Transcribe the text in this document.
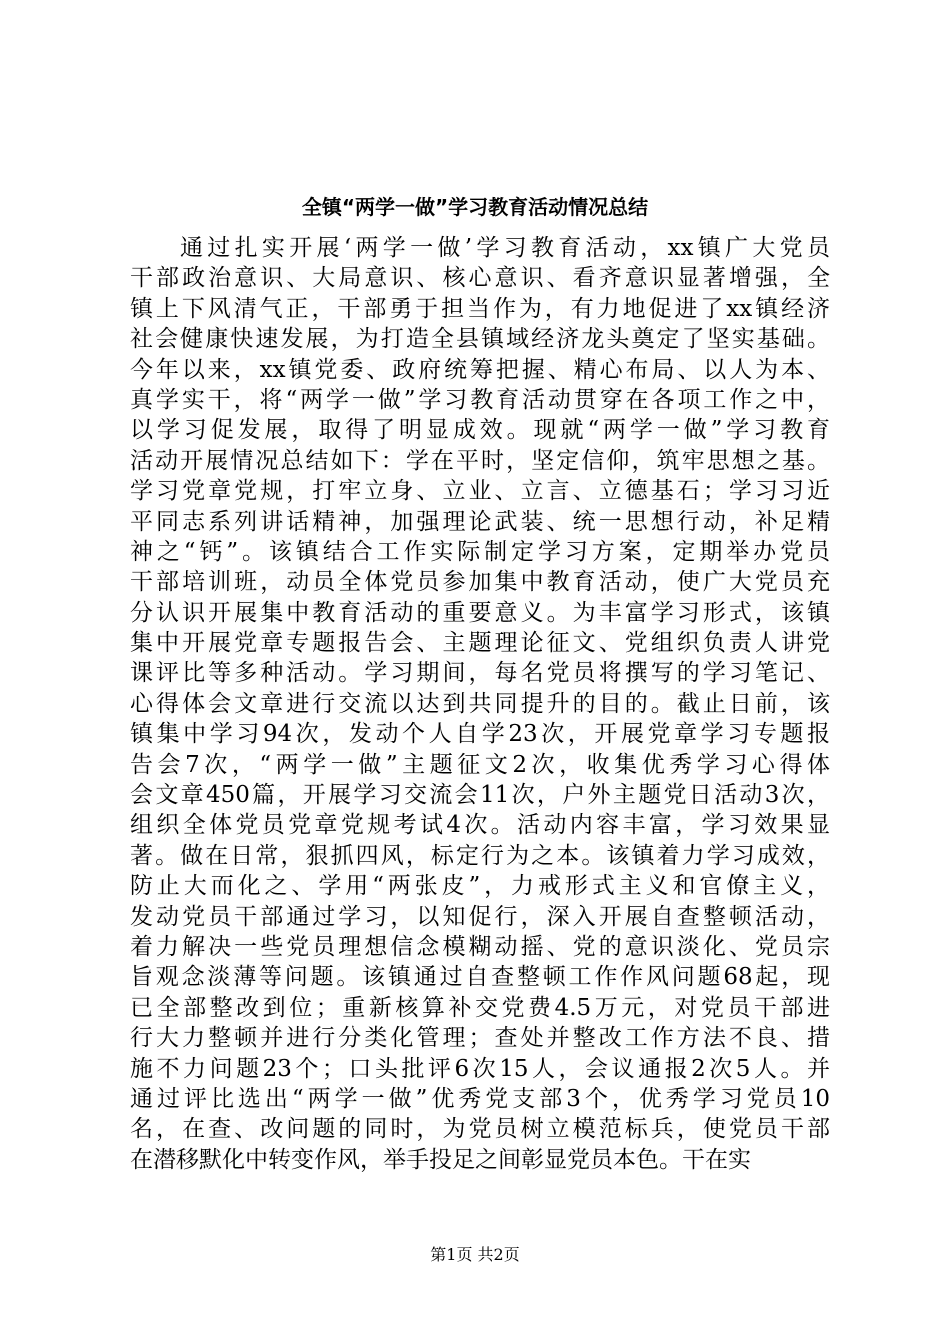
全镇“两学一做”学习教育活动情况总结
通过扎实开展‘两学一做’学习教育活动，xx镇广大党员
干部政治意识、大局意识、核心意识、看齐意识显著增强，全
镇上下风清气正，干部勇于担当作为，有力地促进了xx镇经济
社会健康快速发展，为打造全县镇域经济龙头奠定了坚实基础。
今年以来，xx镇党委、政府统筹把握、精心布局、以人为本、
真学实干，将“两学一做”学习教育活动贯穿在各项工作之中，
以学习促发展，取得了明显成效。现就“两学一做”学习教育
活动开展情况总结如下：学在平时，坚定信仰，筑牢思想之基。
学习党章党规，打牢立身、立业、立言、立德基石；学习习近
平同志系列讲话精神，加强理论武装、统一思想行动，补足精
神之“钙”。该镇结合工作实际制定学习方案，定期举办党员
干部培训班，动员全体党员参加集中教育活动，使广大党员充
分认识开展集中教育活动的重要意义。为丰富学习形式，该镇
集中开展党章专题报告会、主题理论征文、党组织负责人讲党
课评比等多种活动。学习期间，每名党员将撰写的学习笔记、
心得体会文章进行交流以达到共同提升的目的。截止日前，该
镇集中学习94次，发动个人自学23次，开展党章学习专题报
告会7次，“两学一做”主题征文2次，收集优秀学习心得体
会文章450篇，开展学习交流会11次，户外主题党日活动3次，
组织全体党员党章党规考试4次。活动内容丰富，学习效果显
著。做在日常，狠抓四风，标定行为之本。该镇着力学习成效，
防止大而化之、学用“两张皮”，力戒形式主义和官僚主义，
发动党员干部通过学习，以知促行，深入开展自查整顿活动，
着力解决一些党员理想信念模糊动摇、党的意识淡化、党员宗
旨观念淡薄等问题。该镇通过自查整顿工作作风问题68起，现
已全部整改到位；重新核算补交党费4.5万元，对党员干部进
行大力整顿并进行分类化管理；查处并整改工作方法不良、措
施不力问题23个；口头批评6次15人，会议通报2次5人。并
通过评比选出“两学一做”优秀党支部3个，优秀学习党员10
名，在查、改问题的同时，为党员树立模范标兵，使党员干部
在潜移默化中转变作风，举手投足之间彰显党员本色。干在实
第1页 共2页
